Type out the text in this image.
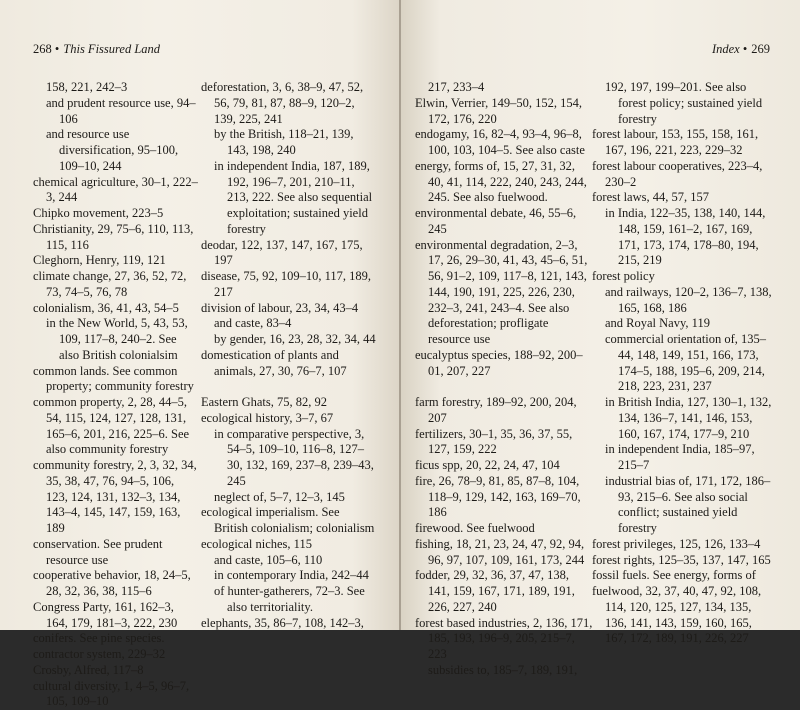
268 • This Fissured Land
158, 221, 242–3
and prudent resource use, 94–106
and resource use diversification, 95–100, 109–10, 244
chemical agriculture, 30–1, 222–3, 244
Chipko movement, 223–5
Christianity, 29, 75–6, 110, 113, 115, 116
Cleghorn, Henry, 119, 121
climate change, 27, 36, 52, 72, 73, 74–5, 76, 78
colonialism, 36, 41, 43, 54–5
in the New World, 5, 43, 53, 109, 117–8, 240–2. See also British colonialsim
common lands. See common property; community forestry
common property, 2, 28, 44–5, 54, 115, 124, 127, 128, 131, 165–6, 201, 216, 225–6. See also community forestry
community forestry, 2, 3, 32, 34, 35, 38, 47, 76, 94–5, 106, 123, 124, 131, 132–3, 134, 143–4, 145, 147, 159, 163, 189
conservation. See prudent resource use
cooperative behavior, 18, 24–5, 28, 32, 36, 38, 115–6
Congress Party, 161, 162–3, 164, 179, 181–3, 222, 230
conifers. See pine species.
contractor system, 229–32
Crosby, Alfred, 117–8
cultural diversity, 1, 4–5, 96–7, 105, 109–10
deforestation, 3, 6, 38–9, 47, 52, 56, 79, 81, 87, 88–9, 120–2, 139, 225, 241
by the British, 118–21, 139, 143, 198, 240
in independent India, 187, 189, 192, 196–7, 201, 210–11, 213, 222. See also sequential exploitation; sustained yield forestry
deodar, 122, 137, 147, 167, 175, 197
disease, 75, 92, 109–10, 117, 189, 217
division of labour, 23, 34, 43–4
and caste, 83–4
by gender, 16, 23, 28, 32, 34, 44
domestication of plants and animals, 27, 30, 76–7, 107
Eastern Ghats, 75, 82, 92
ecological history, 3–7, 67
in comparative perspective, 3, 54–5, 109–10, 116–8, 127–30, 132, 169, 237–8, 239–43, 245
neglect of, 5–7, 12–3, 145
ecological imperialism. See British colonialism; colonialism
ecological niches, 115
and caste, 105–6, 110
in contemporary India, 242–44
of hunter-gatherers, 72–3. See also territoriality.
elephants, 35, 86–7, 108, 142–3,
Index • 269
217, 233–4
Elwin, Verrier, 149–50, 152, 154, 172, 176, 220
endogamy, 16, 82–4, 93–4, 96–8, 100, 103, 104–5. See also caste
energy, forms of, 15, 27, 31, 32, 40, 41, 114, 222, 240, 243, 244, 245. See also fuelwood.
environmental debate, 46, 55–6, 245
environmental degradation, 2–3, 17, 26, 29–30, 41, 43, 45–6, 51, 56, 91–2, 109, 117–8, 121, 143, 144, 190, 191, 225, 226, 230, 232–3, 241, 243–4. See also deforestation; profligate resource use
eucalyptus species, 188–92, 200–01, 207, 227
farm forestry, 189–92, 200, 204, 207
fertilizers, 30–1, 35, 36, 37, 55, 127, 159, 222
ficus spp, 20, 22, 24, 47, 104
fire, 26, 78–9, 81, 85, 87–8, 104, 118–9, 129, 142, 163, 169–70, 186
firewood. See fuelwood
fishing, 18, 21, 23, 24, 47, 92, 94, 96, 97, 107, 109, 161, 173, 244
fodder, 29, 32, 36, 37, 47, 138, 141, 159, 167, 171, 189, 191, 226, 227, 240
forest based industries, 2, 136, 171, 185, 193, 196–9, 205, 215–7, 223
subsidies to, 185–7, 189, 191,
192, 197, 199–201. See also forest policy; sustained yield forestry
forest labour, 153, 155, 158, 161, 167, 196, 221, 223, 229–32
forest labour cooperatives, 223–4, 230–2
forest laws, 44, 57, 157
in India, 122–35, 138, 140, 144, 148, 159, 161–2, 167, 169, 171, 173, 174, 178–80, 194, 215, 219
forest policy
and railways, 120–2, 136–7, 138, 165, 168, 186
and Royal Navy, 119
commercial orientation of, 135–44, 148, 149, 151, 166, 173, 174–5, 188, 195–6, 209, 214, 218, 223, 231, 237
in British India, 127, 130–1, 132, 134, 136–7, 141, 146, 153, 160, 167, 174, 177–9, 210
in independent India, 185–97, 215–7
industrial bias of, 171, 172, 186–93, 215–6. See also social conflict; sustained yield forestry
forest privileges, 125, 126, 133–4
forest rights, 125–35, 137, 147, 165
fossil fuels. See energy, forms of
fuelwood, 32, 37, 40, 47, 92, 108, 114, 120, 125, 127, 134, 135, 136, 141, 143, 159, 160, 165, 167, 172, 189, 191, 226, 227
